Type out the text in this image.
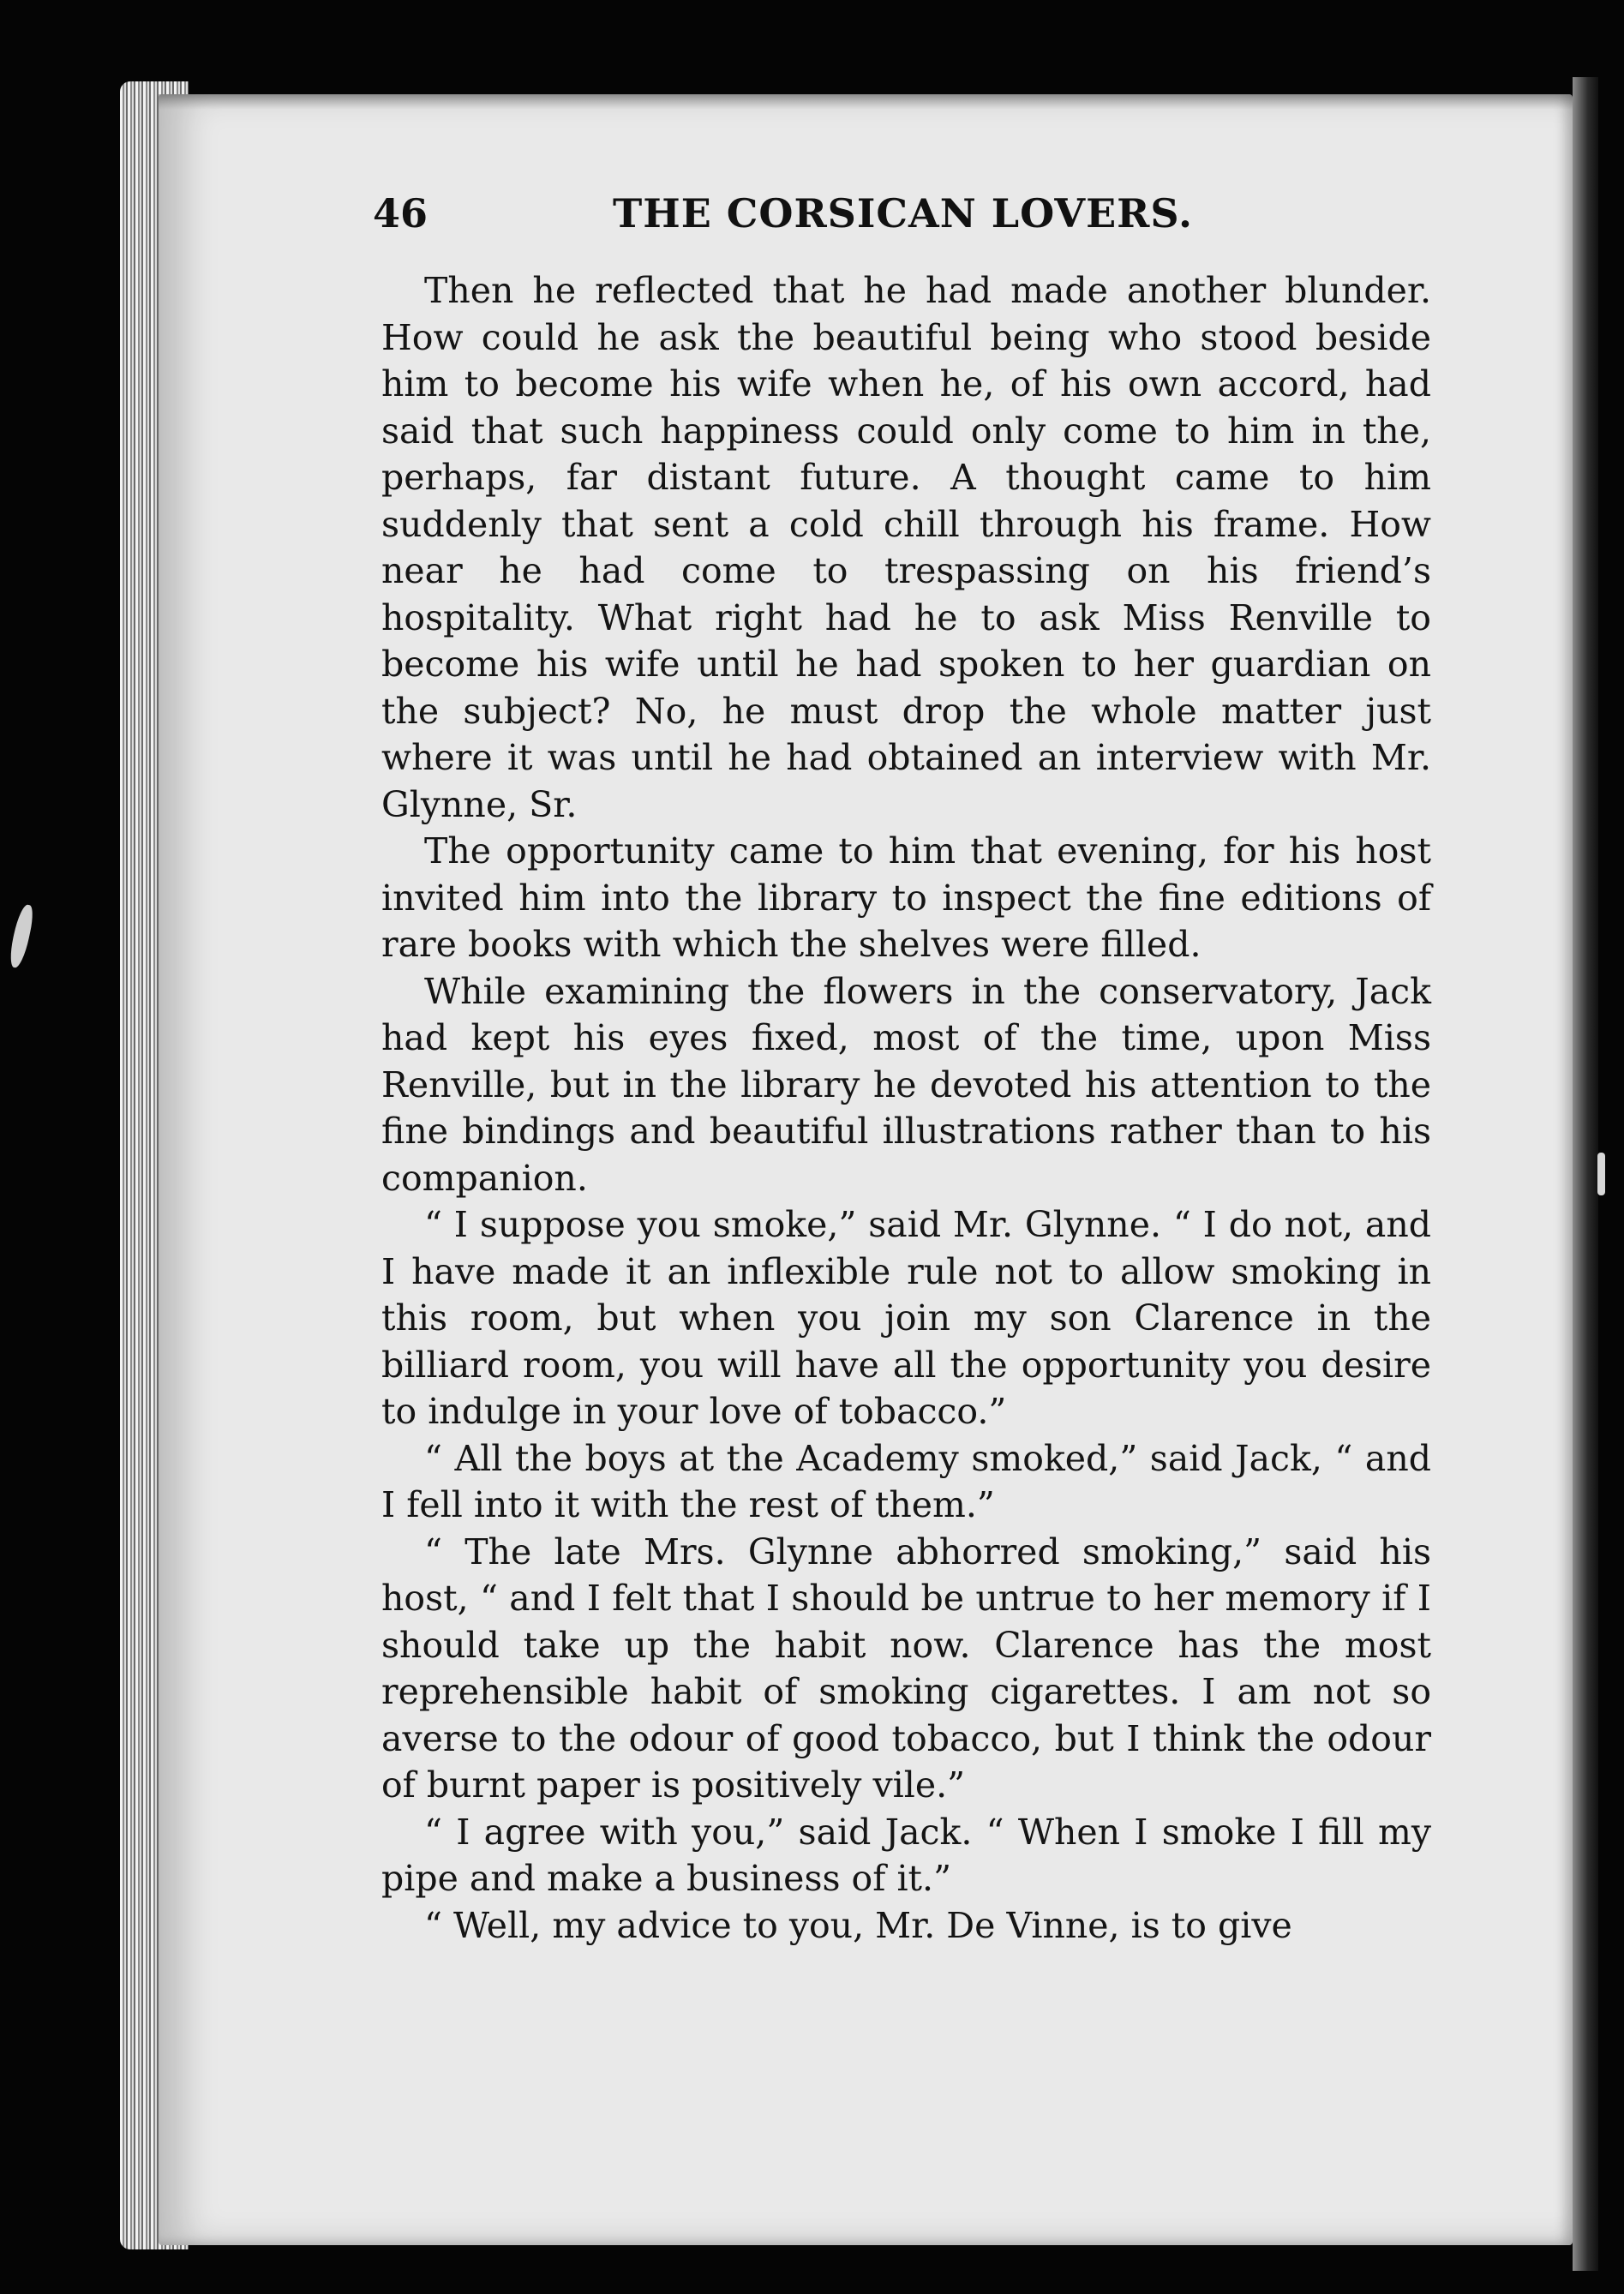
46	THE CORSICAN LOVERS.

Then he reflected that he had made another blunder. How could he ask the beautiful being who stood beside him to become his wife when he, of his own accord, had said that such happiness could only come to him in the, perhaps, far distant future. A thought came to him suddenly that sent a cold chill through his frame. How near he had come to trespassing on his friend’s hospitality. What right had he to ask Miss Renville to become his wife until he had spoken to her guardian on the subject? No, he must drop the whole matter just where it was until he had obtained an interview with Mr. Glynne, Sr.

The opportunity came to him that evening, for his host invited him into the library to inspect the fine editions of rare books with which the shelves were filled.

While examining the flowers in the conservatory, Jack had kept his eyes fixed, most of the time, upon Miss Renville, but in the library he devoted his attention to the fine bindings and beautiful illustrations rather than to his companion.

“ I suppose you smoke,” said Mr. Glynne. “ I do not, and I have made it an inflexible rule not to allow smoking in this room, but when you join my son Clarence in the billiard room, you will have all the opportunity you desire to indulge in your love of tobacco.”

“ All the boys at the Academy smoked,” said Jack, “ and I fell into it with the rest of them.”

“ The late Mrs. Glynne abhorred smoking,” said his host, “ and I felt that I should be untrue to her memory if I should take up the habit now. Clarence has the most reprehensible habit of smoking cigarettes. I am not so averse to the odour of good tobacco, but I think the odour of burnt paper is positively vile.”

“ I agree with you,” said Jack. “ When I smoke I fill my pipe and make a business of it.”

“ Well, my advice to you, Mr. De Vinne, is to give
